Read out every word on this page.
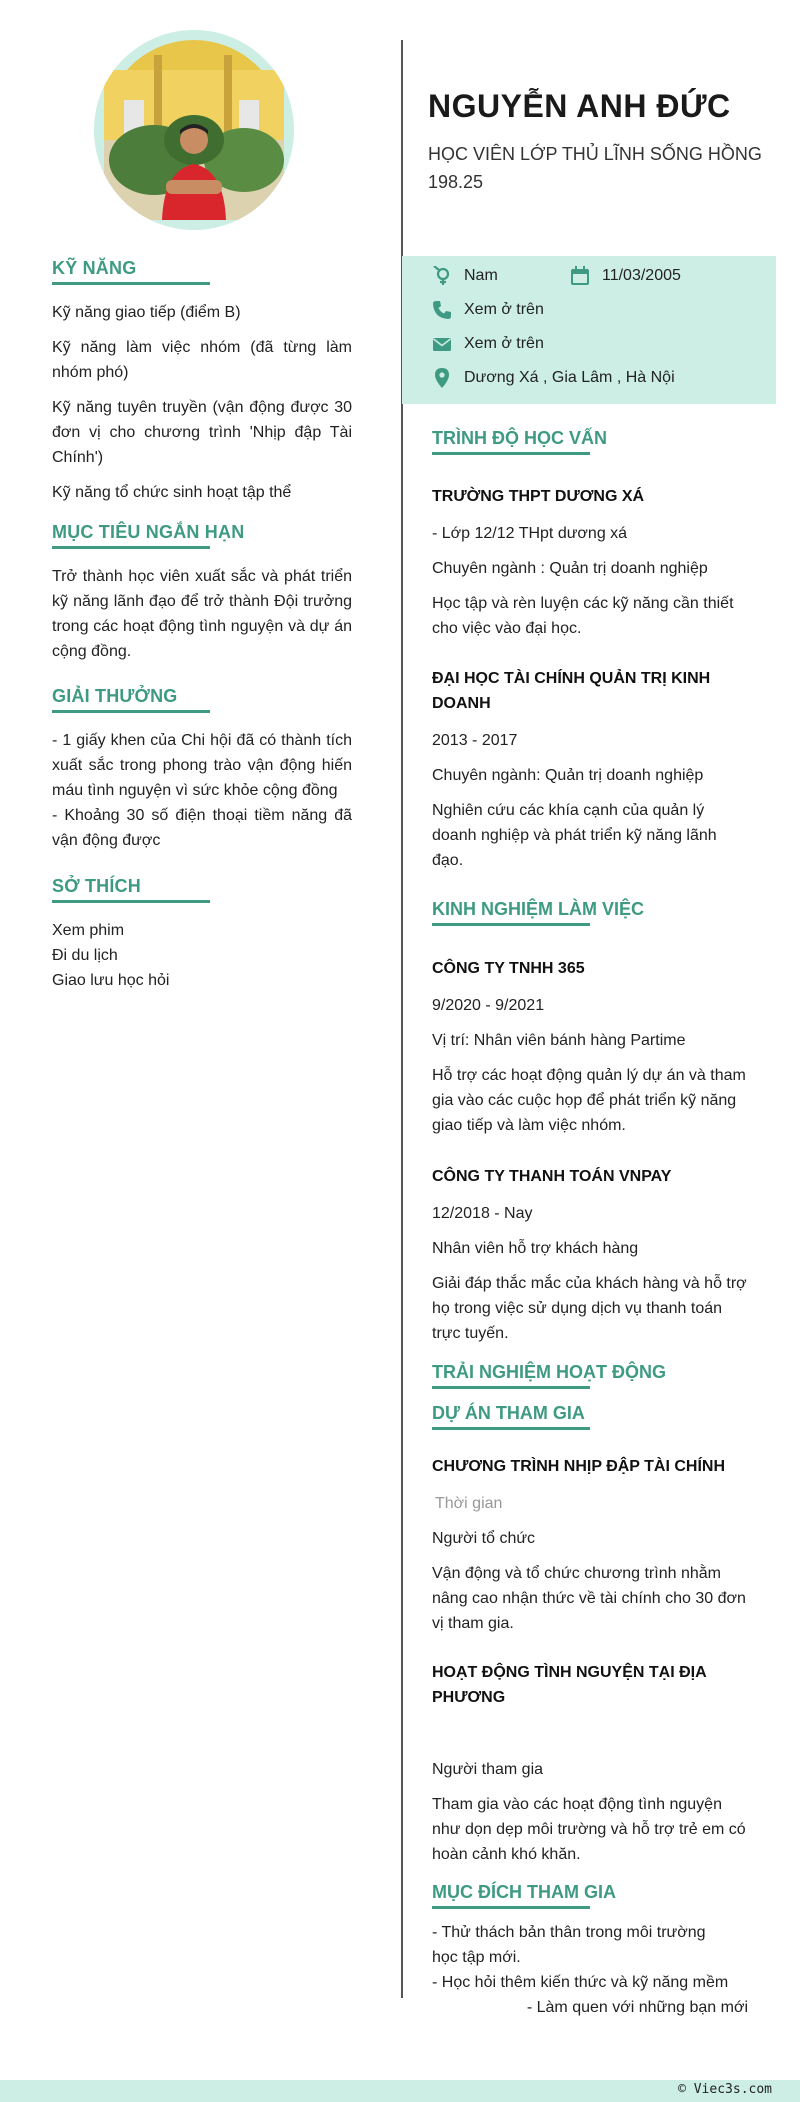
KỸ NĂNG

Kỹ năng giao tiếp (điểm B)

Kỹ năng làm việc nhóm (đã từng làm nhóm phó)

Kỹ năng tuyên truyền (vận động được 30 đơn vị cho chương trình 'Nhịp đập Tài Chính')

Kỹ năng tổ chức sinh hoạt tập thể

MỤC TIÊU NGẮN HẠN

Trở thành học viên xuất sắc và phát triển kỹ năng lãnh đạo để trở thành Đội trưởng trong các hoạt động tình nguyện và dự án cộng đồng.

GIẢI THƯỞNG

- 1 giấy khen của Chi hội đã có thành tích xuất sắc trong phong trào vận động hiến máu tình nguyện vì sức khỏe cộng đồng

- Khoảng 30 số điện thoại tiềm năng đã vận động được

SỞ THÍCH

Xem phim

Đi du lịch

Giao lưu học hỏi

NGUYỄN ANH ĐỨC

HỌC VIÊN LỚP THỦ LĨNH SỐNG HỒNG 198.25

Nam	11/03/2005
Xem ở trên
Xem ở trên
Dương Xá , Gia Lâm , Hà Nội
TRÌNH ĐỘ HỌC VẤN

TRƯỜNG THPT DƯƠNG XÁ

- Lớp 12/12 THpt dương xá

Chuyên ngành : Quản trị doanh nghiệp

Học tập và rèn luyện các kỹ năng cần thiết cho việc vào đại học.

ĐẠI HỌC TÀI CHÍNH QUẢN TRỊ KINH DOANH

2013 - 2017

Chuyên ngành: Quản trị doanh nghiệp

Nghiên cứu các khía cạnh của quản lý doanh nghiệp và phát triển kỹ năng lãnh đạo.

KINH NGHIỆM LÀM VIỆC

CÔNG TY TNHH 365

9/2020 - 9/2021

Vị trí: Nhân viên bánh hàng Partime

Hỗ trợ các hoạt động quản lý dự án và tham gia vào các cuộc họp để phát triển kỹ năng giao tiếp và làm việc nhóm.

CÔNG TY THANH TOÁN VNPAY

12/2018 - Nay

Nhân viên hỗ trợ khách hàng

Giải đáp thắc mắc của khách hàng và hỗ trợ họ trong việc sử dụng dịch vụ thanh toán trực tuyến.

TRẢI NGHIỆM HOẠT ĐỘNG
DỰ ÁN THAM GIA

CHƯƠNG TRÌNH NHỊP ĐẬP TÀI CHÍNH

Thời gian

Người tổ chức

Vận động và tổ chức chương trình nhằm nâng cao nhận thức về tài chính cho 30 đơn vị tham gia.

HOẠT ĐỘNG TÌNH NGUYỆN TẠI ĐỊA PHƯƠNG

Người tham gia

Tham gia vào các hoạt động tình nguyện như dọn dẹp môi trường và hỗ trợ trẻ em có hoàn cảnh khó khăn.

MỤC ĐÍCH THAM GIA

- Thử thách bản thân trong môi trường học tập mới.

- Học hỏi thêm kiến thức và kỹ năng mềm

- Làm quen với những bạn mới

© Viec3s.com
